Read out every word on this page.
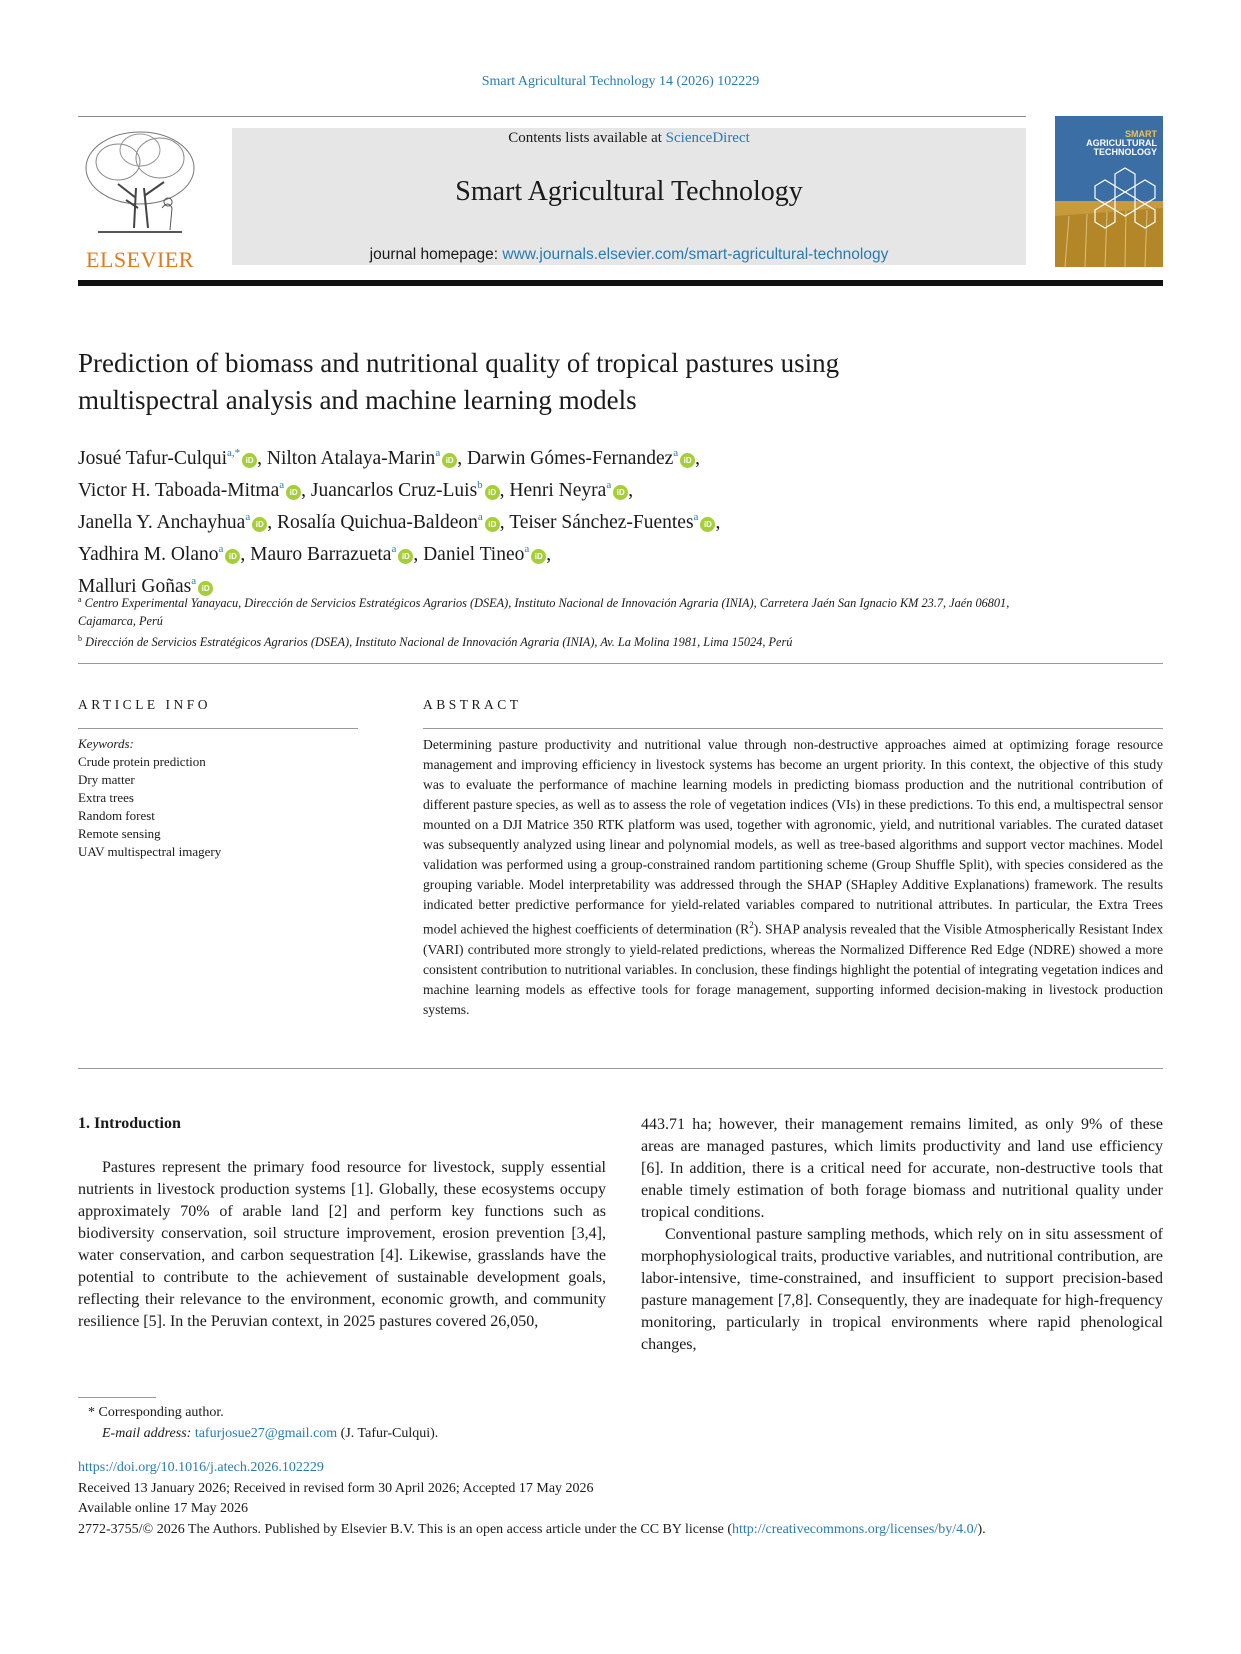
Smart Agricultural Technology 14 (2026) 102229
ELSEVIER
Contents lists available at ScienceDirect
Smart Agricultural Technology
journal homepage: www.journals.elsevier.com/smart-agricultural-technology
SMART
AGRICULTURAL
TECHNOLOGY
Prediction of biomass and nutritional quality of tropical pastures using
multispectral analysis and machine learning models
Josué Tafur-Culqui$^{a,*}$iD , Nilton Atalaya-Marin$^a$iD , Darwin Gómes-Fernandez$^a$iD ,
Victor H. Taboada-Mitma$^a$iD , Juancarlos Cruz-Luis$^b$iD , Henri Neyra$^a$iD ,
Janella Y. Anchayhua$^a$iD , Rosalía Quichua-Baldeon$^a$iD , Teiser Sánchez-Fuentes$^a$iD ,
Yadhira M. Olano$^a$iD , Mauro Barrazueta$^a$iD , Daniel Tineo$^a$iD ,
Malluri Goñas$^a$iD

$^a$ Centro Experimental Yanayacu, Dirección de Servicios Estratégicos Agrarios (DSEA), Instituto Nacional de Innovación Agraria (INIA), Carretera Jaén San Ignacio KM 23.7, Jaén 06801, Cajamarca, Perú

$^b$ Dirección de Servicios Estratégicos Agrarios (DSEA), Instituto Nacional de Innovación Agraria (INIA), Av. La Molina 1981, Lima 15024, Perú

ARTICLE INFO	ABSTRACT
Keywords:
Crude protein prediction
Dry matter
Extra trees
Random forest
Remote sensing
UAV multispectral imagery
Determining pasture productivity and nutritional value through non-destructive approaches aimed at optimizing forage resource management and improving efficiency in livestock systems has become an urgent priority. In this context, the objective of this study was to evaluate the performance of machine learning models in predicting biomass production and the nutritional contribution of different pasture species, as well as to assess the role of vegetation indices (VIs) in these predictions. To this end, a multispectral sensor mounted on a DJI Matrice 350 RTK platform was used, together with agronomic, yield, and nutritional variables. The curated dataset was subsequently analyzed using linear and polynomial models, as well as tree-based algorithms and support vector machines. Model validation was performed using a group-constrained random partitioning scheme (Group Shuffle Split), with species considered as the grouping variable. Model interpretability was addressed through the SHAP (SHapley Additive Explanations) framework. The results indicated better predictive performance for yield-related variables compared to nutritional attributes. In particular, the Extra Trees model achieved the highest coefficients of determination $(R^2)$. SHAP analysis revealed that the Visible Atmospherically Resistant Index (VARI) contributed more strongly to yield-related predictions, whereas the Normalized Difference Red Edge (NDRE) showed a more consistent contribution to nutritional variables. In conclusion, these findings highlight the potential of integrating vegetation indices and machine learning models as effective tools for forage management, supporting informed decision-making in livestock production systems.
1. Introduction

Pastures represent the primary food resource for livestock, supply essential nutrients in livestock production systems [1]. Globally, these ecosystems occupy approximately 70% of arable land [2] and perform key functions such as biodiversity conservation, soil structure improvement, erosion prevention [3,4], water conservation, and carbon sequestration [4]. Likewise, grasslands have the potential to contribute to the achievement of sustainable development goals, reflecting their relevance to the environment, economic growth, and community resilience [5]. In the Peruvian context, in 2025 pastures covered 26,050,

443.71 ha; however, their management remains limited, as only 9% of these areas are managed pastures, which limits productivity and land use efficiency [6]. In addition, there is a critical need for accurate, non-destructive tools that enable timely estimation of both forage biomass and nutritional quality under tropical conditions.

Conventional pasture sampling methods, which rely on in situ assessment of morphophysiological traits, productive variables, and nutritional contribution, are labor-intensive, time-constrained, and insufficient to support precision-based pasture management [7,8]. Consequently, they are inadequate for high-frequency monitoring, particularly in tropical environments where rapid phenological changes,

* Corresponding author.
E-mail address: tafurjosue27@gmail.com (J. Tafur-Culqui).

https://doi.org/10.1016/j.atech.2026.102229

Received 13 January 2026; Received in revised form 30 April 2026; Accepted 17 May 2026

Available online 17 May 2026

2772-3755/© 2026 The Authors. Published by Elsevier B.V. This is an open access article under the CC BY license (http://creativecommons.org/licenses/by/4.0/).
